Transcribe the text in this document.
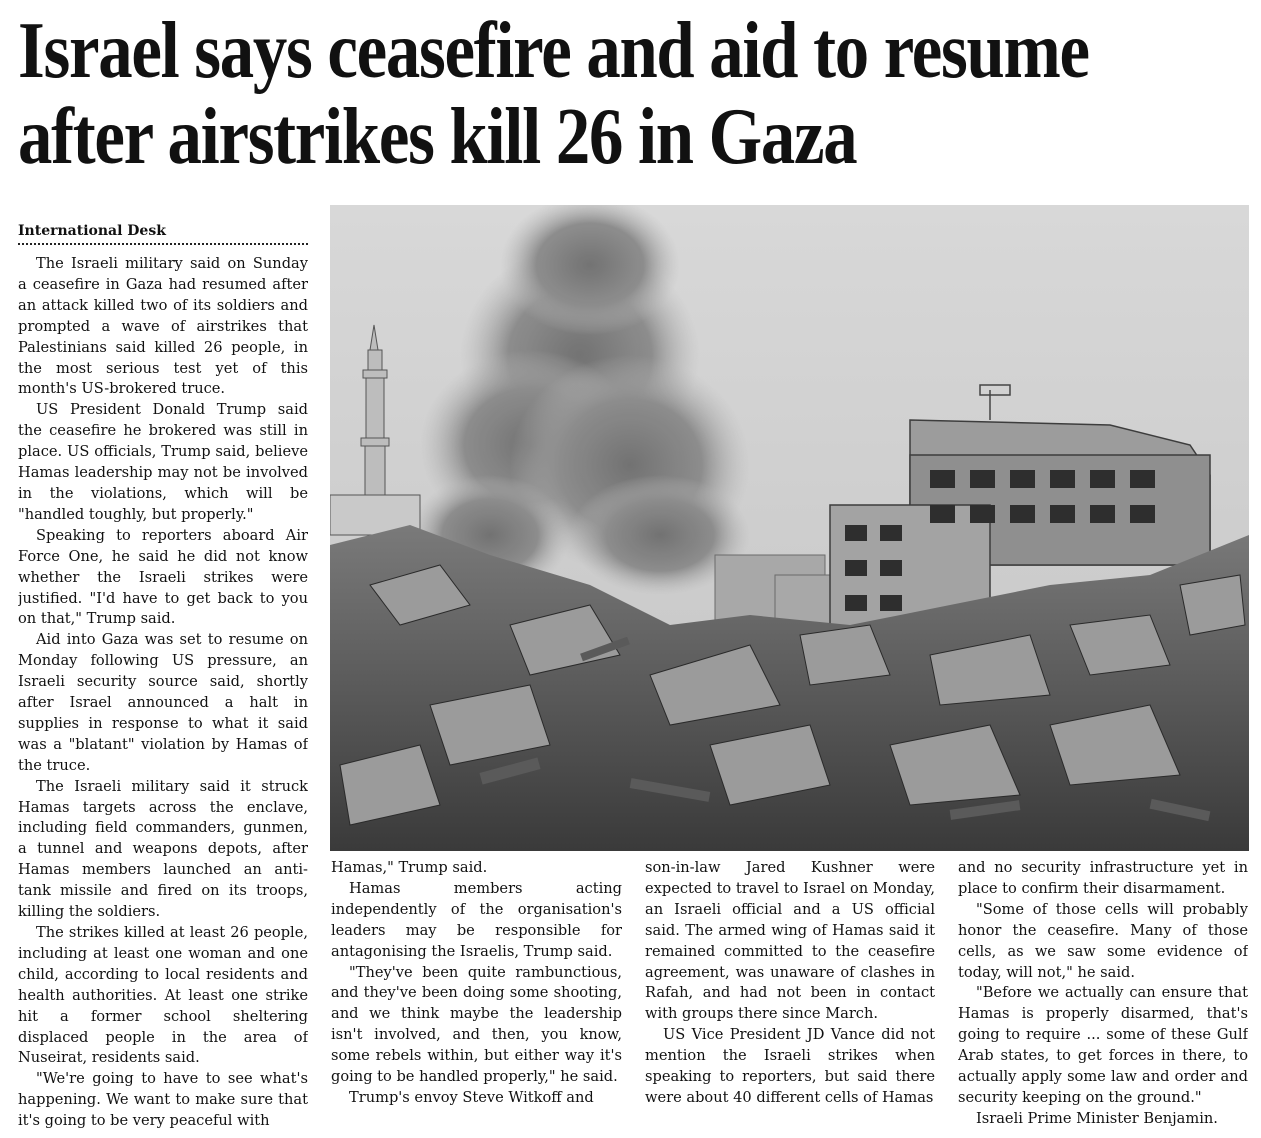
Israel says ceasefire and aid to resume
after airstrikes kill 26 in Gaza
International Desk

The Israeli military said on Sunday a ceasefire in Gaza had resumed after an attack killed two of its soldiers and prompted a wave of airstrikes that Palestinians said killed 26 people, in the most serious test yet of this month's US-brokered truce.

US President Donald Trump said the ceasefire he brokered was still in place. US officials, Trump said, believe Hamas leadership may not be involved in the violations, which will be "handled toughly, but properly."

Speaking to reporters aboard Air Force One, he said he did not know whether the Israeli strikes were justified. "I'd have to get back to you on that," Trump said.

Aid into Gaza was set to resume on Monday following US pressure, an Israeli security source said, shortly after Israel announced a halt in supplies in response to what it said was a "blatant" violation by Hamas of the truce.

The Israeli military said it struck Hamas targets across the enclave, including field commanders, gunmen, a tunnel and weapons depots, after Hamas members launched an anti-tank missile and fired on its troops, killing the soldiers.

The strikes killed at least 26 people, including at least one woman and one child, according to local residents and health authorities. At least one strike hit a former school sheltering displaced people in the area of Nuseirat, residents said.

"We're going to have to see what's happening. We want to make sure that it's going to be very peaceful with

Hamas," Trump said.

Hamas members acting independently of the organisation's leaders may be responsible for antagonising the Israelis, Trump said.

"They've been quite rambunctious, and they've been doing some shooting, and we think maybe the leadership isn't involved, and then, you know, some rebels within, but either way it's going to be handled properly," he said.

Trump's envoy Steve Witkoff and

son-in-law Jared Kushner were expected to travel to Israel on Monday, an Israeli official and a US official said. The armed wing of Hamas said it remained committed to the ceasefire agreement, was unaware of clashes in Rafah, and had not been in contact with groups there since March.

US Vice President JD Vance did not mention the Israeli strikes when speaking to reporters, but said there were about 40 different cells of Hamas

and no security infrastructure yet in place to confirm their disarmament.

"Some of those cells will probably honor the ceasefire. Many of those cells, as we saw some evidence of today, will not," he said.

"Before we actually can ensure that Hamas is properly disarmed, that's going to require ... some of these Gulf Arab states, to get forces in there, to actually apply some law and order and security keeping on the ground."

Israeli Prime Minister Benjamin.
